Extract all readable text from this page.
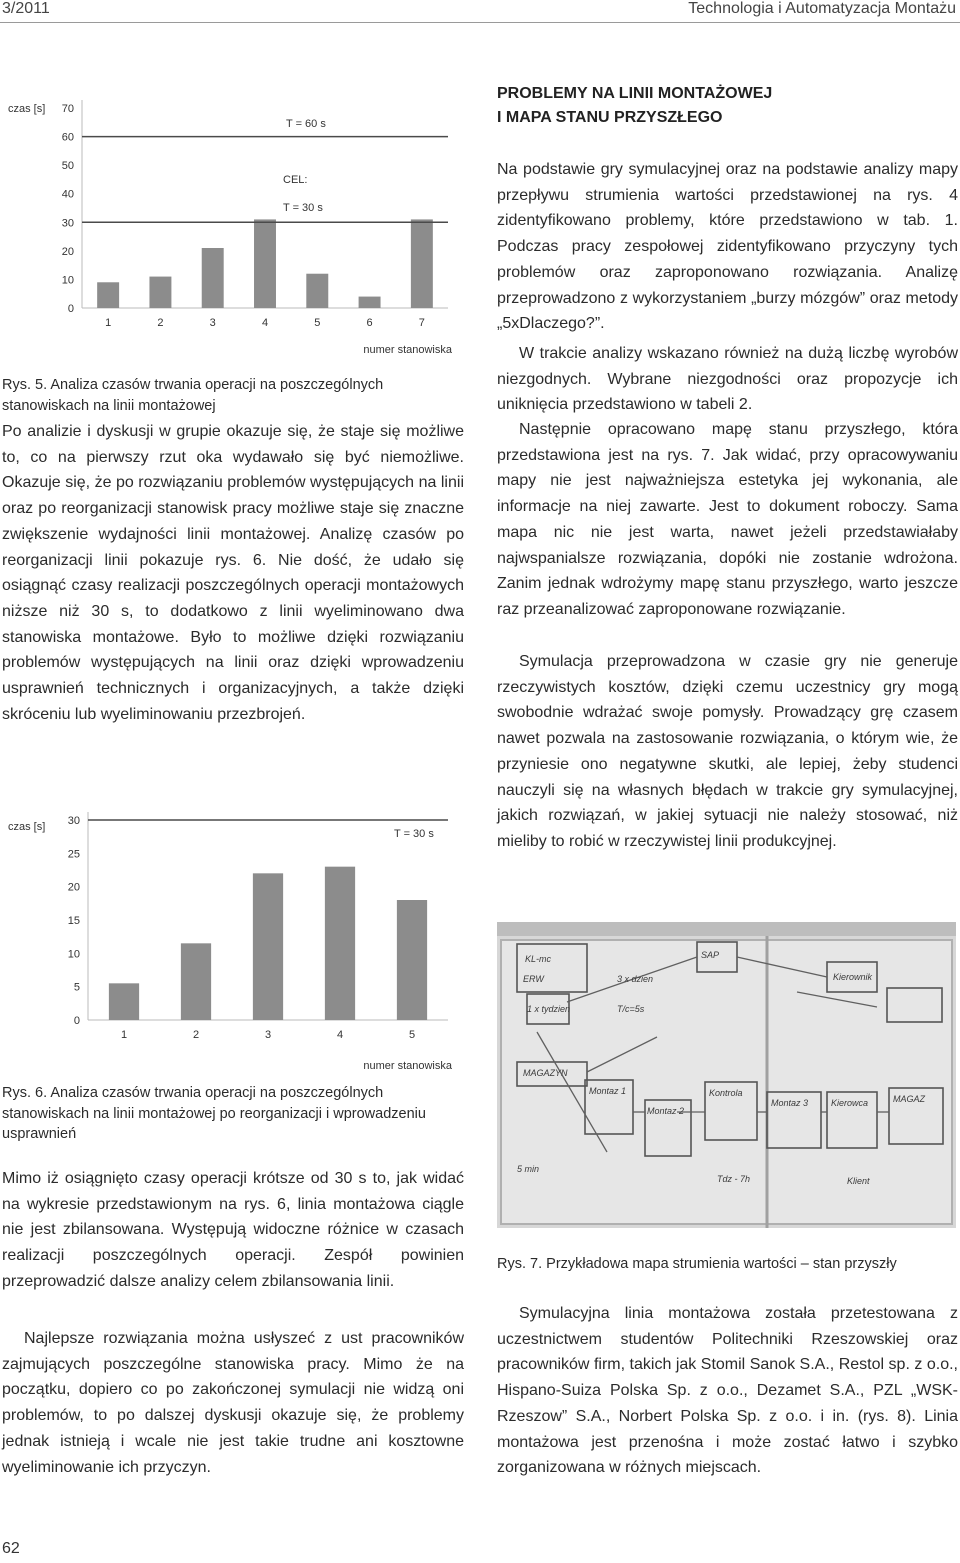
3/2011	Technologia i Automatyzacja Montażu
czas [s]
0
10
20
30
40
50
60
70
1	2	3	4	5	6	7
T = 60 s
CEL:
T = 30 s
numer stanowiska

Rys. 5. Analiza czasów trwania operacji na poszczególnych stanowiskach na linii montażowej

Po analizie i dyskusji w grupie okazuje się, że staje się możliwe to, co na pierwszy rzut oka wydawało się być niemożliwe. Okazuje się, że po rozwiązaniu problemów występujących na linii oraz po reorganizacji stanowisk pracy możliwe staje się znaczne zwiększenie wydajności linii montażowej. Analizę czasów po reorganizacji linii pokazuje rys. 6. Nie dość, że udało się osiągnąć czasy realizacji poszczególnych operacji montażowych niższe niż 30 s, to dodatkowo z linii wyeliminowano dwa stanowiska montażowe. Było to możliwe dzięki rozwiązaniu problemów występujących na linii oraz dzięki wprowadzeniu usprawnień technicznych i organizacyjnych, a także dzięki skróceniu lub wyeliminowaniu przezbrojeń.

czas [s]
0
5
10
15
20
25
30
1	2	3	4	5
T = 30 s
numer stanowiska

Rys. 6. Analiza czasów trwania operacji na poszczególnych stanowiskach na linii montażowej po reorganizacji i wprowadzeniu usprawnień

Mimo iż osiągnięto czasy operacji krótsze od 30 s to, jak widać na wykresie przedstawionym na rys. 6, linia montażowa ciągle nie jest zbilansowana. Występują widoczne różnice w czasach realizacji poszczególnych operacji. Zespół powinien przeprowadzić dalsze analizy celem zbilansowania linii.

Najlepsze rozwiązania można usłyszeć z ust pracowników zajmujących poszczególne stanowiska pracy. Mimo że na początku, dopiero co po zakończonej symulacji nie widzą oni problemów, to po dalszej dyskusji okazuje się, że problemy jednak istnieją i wcale nie jest takie trudne ani kosztowne wyeliminowanie ich przyczyn.

PROBLEMY NA LINII MONTAŻOWEJ

I MAPA STANU PRZYSZŁEGO

Na podstawie gry symulacyjnej oraz na podstawie analizy mapy przepływu strumienia wartości przedstawionej na rys. 4 zidentyfikowano problemy, które przedstawiono w tab. 1. Podczas pracy zespołowej zidentyfikowano przyczyny tych problemów oraz zaproponowano rozwiązania. Analizę przeprowadzono z wykorzystaniem „burzy mózgów” oraz metody „5xDlaczego?”.

W trakcie analizy wskazano również na dużą liczbę wyrobów niezgodnych. Wybrane niezgodności oraz propozycje ich uniknięcia przedstawiono w tabeli 2.

Następnie opracowano mapę stanu przyszłego, która przedstawiona jest na rys. 7. Jak widać, przy opracowywaniu mapy nie jest najważniejsza estetyka jej wykonania, ale informacje na niej zawarte. Jest to dokument roboczy. Sama mapa nic nie jest warta, nawet jeżeli przedstawiałaby najwspanialsze rozwiązania, dopóki nie zostanie wdrożona. Zanim jednak wdrożymy mapę stanu przyszłego, warto jeszcze raz przeanalizować zaproponowane rozwiązanie.

Symulacja przeprowadzona w czasie gry nie generuje rzeczywistych kosztów, dzięki czemu uczestnicy gry mogą swobodnie wdrażać swoje pomysły. Prowadzący grę czasem nawet pozwala na zastosowanie rozwiązania, o którym wie, że przyniesie ono negatywne skutki, ale lepiej, żeby studenci nauczyli się na własnych błędach w trakcie gry symulacyjnej, jakich rozwiązań, w jakiej sytuacji nie należy stosować, niż mieliby to robić w rzeczywistej linii produkcyjnej.

KL-mc	SAP
ERW	Kierownik
MAGAZYN
Montaz 1
Montaz 2
Kontrola
Montaz 3	Kierowca	MAGAZ
1 x tydzien
Klient
T/c=5s
Tdz - 7h
3 x dzien
5 min

Rys. 7. Przykładowa mapa strumienia wartości – stan przyszły

Symulacyjna linia montażowa została przetestowana z uczestnictwem studentów Politechniki Rzeszowskiej oraz pracowników firm, takich jak Stomil Sanok S.A., Restol sp. z o.o., Hispano-Suiza Polska Sp. z o.o., Dezamet S.A., PZL „WSK-Rzeszow” S.A., Norbert Polska Sp. z o.o. i in. (rys. 8). Linia montażowa jest przenośna i może zostać łatwo i szybko zorganizowana w różnych miejscach.

62
